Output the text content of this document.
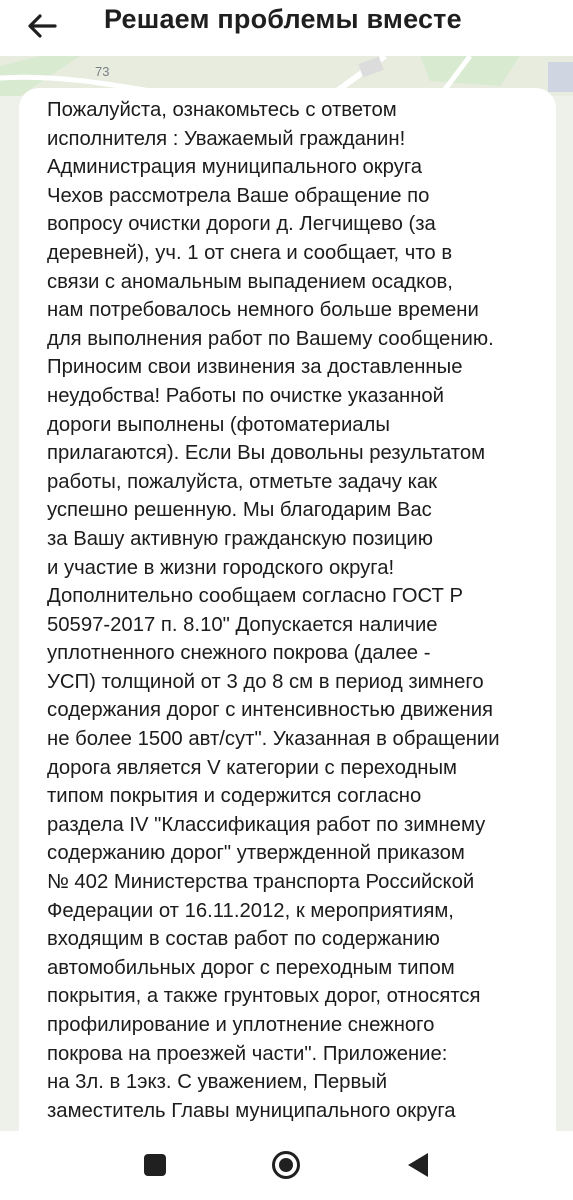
Решаем проблемы вместе
73
Пожалуйста, ознакомьтесь с ответом
исполнителя : Уважаемый гражданин!
Администрация муниципального округа
Чехов рассмотрела Ваше обращение по
вопросу очистки дороги д. Легчищево (за
деревней), уч. 1 от снега и сообщает, что в
связи с аномальным выпадением осадков,
нам потребовалось немного больше времени
для выполнения работ по Вашему сообщению.
Приносим свои извинения за доставленные
неудобства! Работы по очистке указанной
дороги выполнены (фотоматериалы
прилагаются). Если Вы довольны результатом
работы, пожалуйста, отметьте задачу как
успешно решенную. Мы благодарим Вас
за Вашу активную гражданскую позицию
и участие в жизни городского округа!
Дополнительно сообщаем согласно ГОСТ Р
50597-2017 п. 8.10" Допускается наличие
уплотненного снежного покрова (далее -
УСП) толщиной от 3 до 8 см в период зимнего
содержания дорог с интенсивностью движения
не более 1500 авт/сут". Указанная в обращении
дорога является V категории с переходным
типом покрытия и содержится согласно
раздела IV "Классификация работ по зимнему
содержанию дорог" утвержденной приказом
№ 402 Министерства транспорта Российской
Федерации от 16.11.2012, к мероприятиям,
входящим в состав работ по содержанию
автомобильных дорог с переходным типом
покрытия, а также грунтовых дорог, относятся
профилирование и уплотнение снежного
покрова на проезжей части". Приложение:
на 3л. в 1экз. С уважением, Первый
заместитель Главы муниципального округа
